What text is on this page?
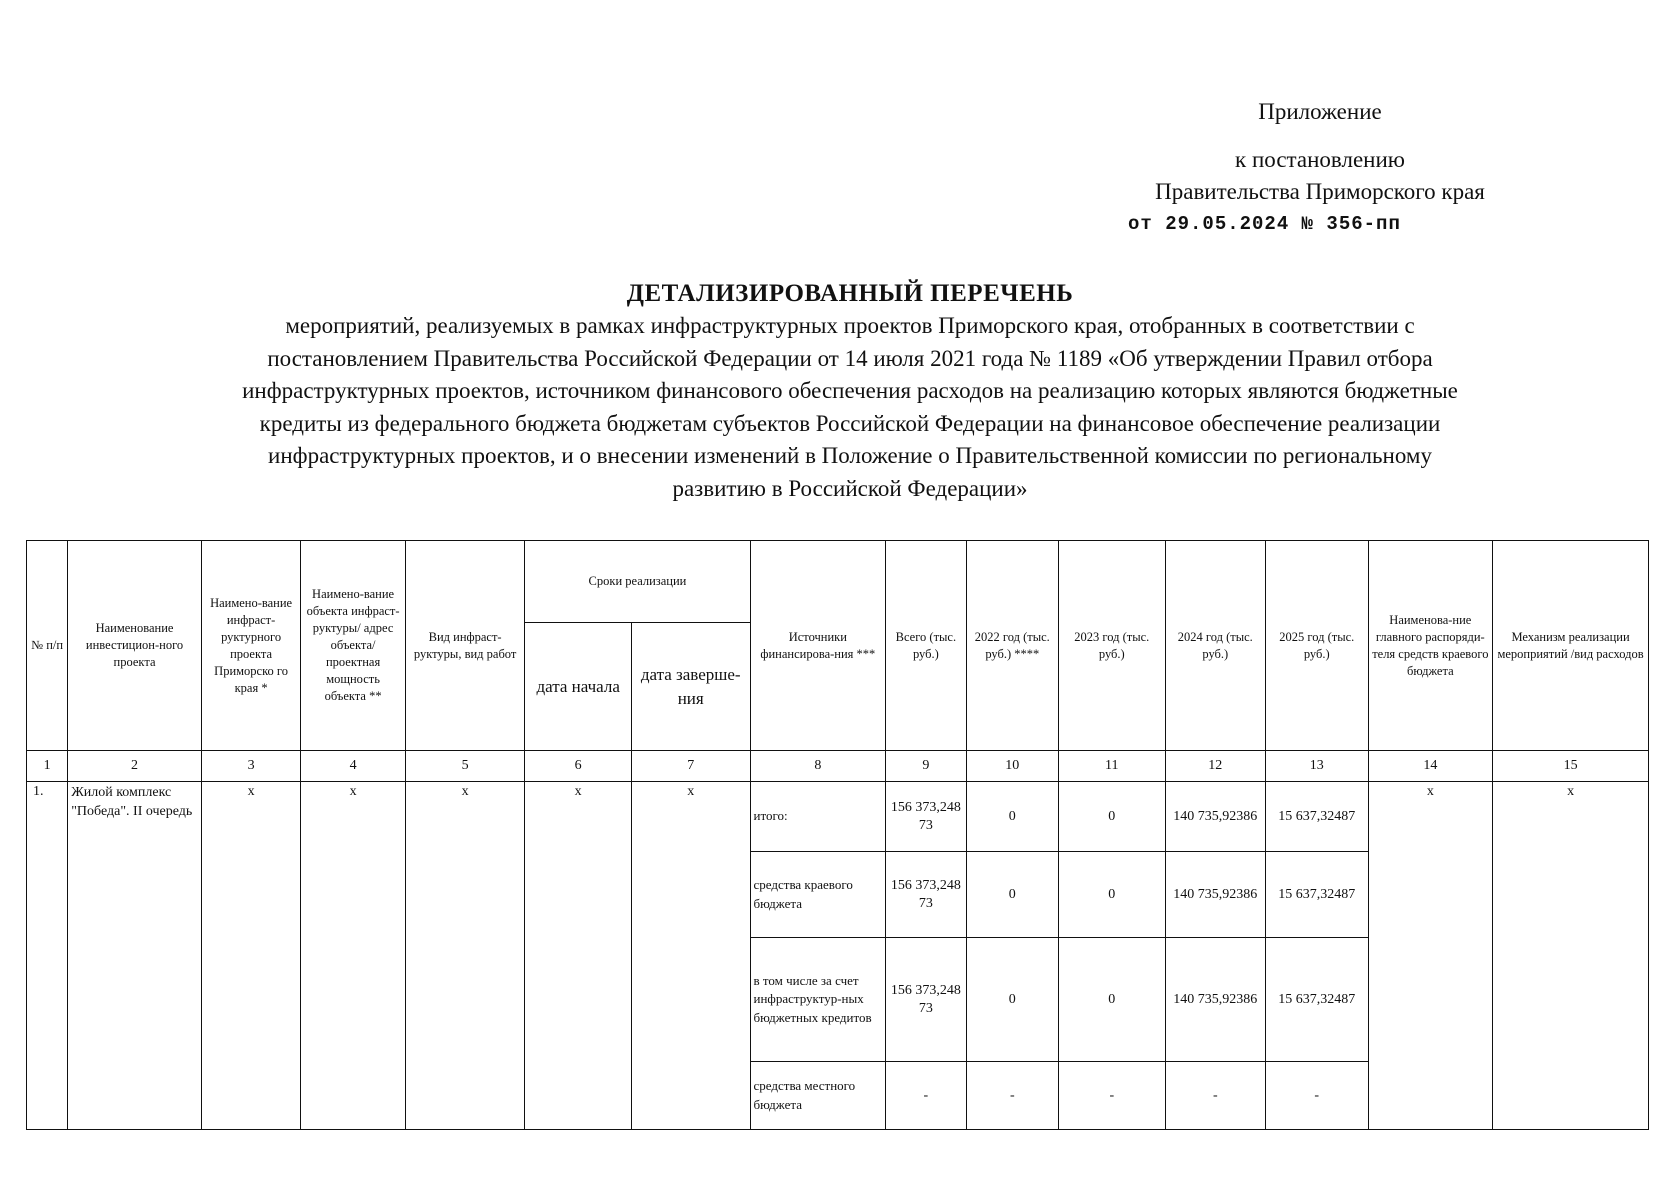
Приложение
к постановлению
Правительства Приморского края
от 29.05.2024 № 356-пп
ДЕТАЛИЗИРОВАННЫЙ ПЕРЕЧЕНЬ
мероприятий, реализуемых в рамках инфраструктурных проектов Приморского края, отобранных в соответствии с
постановлением Правительства Российской Федерации от 14 июля 2021 года № 1189 «Об утверждении Правил отбора
инфраструктурных проектов, источником финансового обеспечения расходов на реализацию которых являются бюджетные
кредиты из федерального бюджета бюджетам субъектов Российской Федерации на финансовое обеспечение реализации
инфраструктурных проектов, и о внесении изменений в Положение о Правительственной комиссии по региональному
развитию в Российской Федерации»
№ п/п	Наименование инвестицион-ного проекта	Наимено-вание инфраст-руктурного проекта Приморско го края *	Наимено-вание объекта инфраст-руктуры/ адрес объекта/ проектная мощность объекта **	Вид инфраст-руктуры, вид работ	Сроки реализации		Источники финансирова-ния ***	Всего (тыс. руб.)	2022 год (тыс. руб.) ****	2023 год (тыс. руб.)	2024 год (тыс. руб.)	2025 год (тыс. руб.)	Наименова-ние главного распоряди-теля средств краевого бюджета	Механизм реализации мероприятий /вид расходов
					дата начала	дата заверше-ния								
1	2	3	4	5	6	7	8	9	10	11	12	13	14	15
1.	Жилой комплекс "Победа". II очередь	х	х	х	х	х	итого:	156 373,248 73	0	0	140 735,92386	15 637,32487	х	х
							средства краевого бюджета	156 373,248 73	0	0	140 735,92386	15 637,32487		
							в том числе за счет инфраструктур-ных бюджетных кредитов	156 373,248 73	0	0	140 735,92386	15 637,32487		
							средства местного бюджета	-	-	-	-	-		
